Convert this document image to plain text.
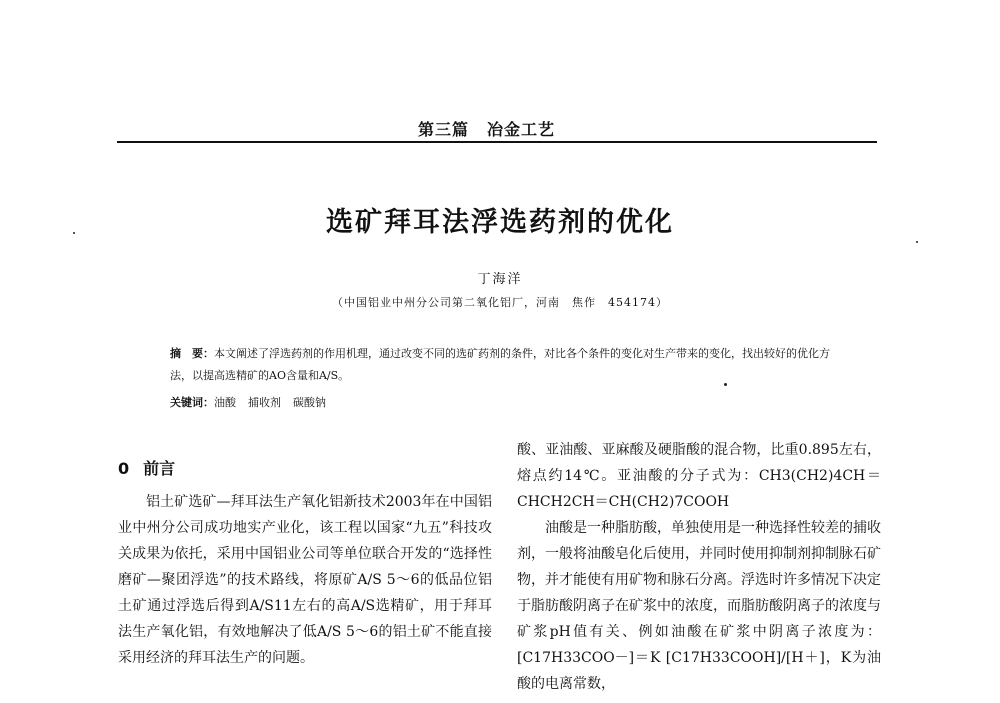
第三篇 冶金工艺
选矿拜耳法浮选药剂的优化
丁海洋
（中国铝业中州分公司第二氧化铝厂，河南　焦作　454174）
摘　要：本文阐述了浮选药剂的作用机理，通过改变不同的选矿药剂的条件，对比各个条件的变化对生产带来的变化，找出较好的优化方法，以提高选精矿的AO含量和A/S。
关键词：油酸 捕收剂 碳酸钠
0 前言

铝土矿选矿—拜耳法生产氧化铝新技术2003年在中国铝业中州分公司成功地实产业化，该工程以国家“九五”科技攻关成果为依托，采用中国铝业公司等单位联合开发的“选择性磨矿—聚团浮选”的技术路线，将原矿A/S 5～6的低品位铝土矿通过浮选后得到A/S11左右的高A/S选精矿，用于拜耳法生产氧化铝，有效地解决了低A/S 5～6的铝土矿不能直接采用经济的拜耳法生产的问题。

酸、亚油酸、亚麻酸及硬脂酸的混合物，比重0.895左右，熔点约14℃。亚油酸的分子式为：CH3(CH2)4CH＝CHCH2CH＝CH(CH2)7COOH

油酸是一种脂肪酸，单独使用是一种选择性较差的捕收剂，一般将油酸皂化后使用，并同时使用抑制剂抑制脉石矿物，并才能使有用矿物和脉石分离。浮选时许多情况下决定于脂肪酸阴离子在矿浆中的浓度，而脂肪酸阴离子的浓度与矿浆pH值有关、例如油酸在矿浆中阴离子浓度为：[C17H33COO－]＝K [C17H33COOH]/[H＋]，K为油酸的电离常数，
